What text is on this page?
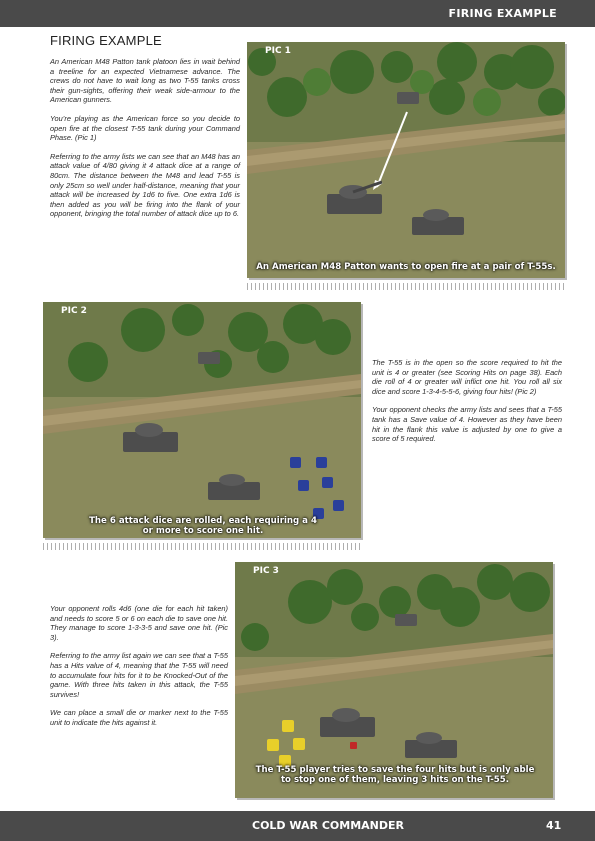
FIRING EXAMPLE
FIRING EXAMPLE

An American M48 Patton tank platoon lies in wait behind a treeline for an expected Vietnamese advance. The crews do not have to wait long as two T-55 tanks cross their gun-sights, offering their weak side-armour to the American gunners.

You’re playing as the American force so you decide to open fire at the closest T-55 tank during your Command Phase. (Pic 1)

Referring to the army lists we can see that an M48 has an attack value of 4/80 giving it 4 attack dice at a range of 80cm. The distance between the M48 and lead T-55 is only 25cm so well under half-distance, meaning that your attack will be increased by 1d6 to five. One extra 1d6 is then added as you will be firing into the flank of your opponent, bringing the total number of attack dice up to 6.

PIC 1
An American M48 Patton wants to open fire at a pair of T-55s.
PIC 2
The 6 attack dice are rolled, each requiring a 4 or more to score one hit.

The T-55 is in the open so the score required to hit the unit is 4 or greater (see Scoring Hits on page 38). Each die roll of 4 or greater will inflict one hit. You roll all six dice and score 1-3-4-5-5-6, giving four hits! (Pic 2)

Your opponent checks the army lists and sees that a T-55 tank has a Save value of 4. However as they have been hit in the flank this value is adjusted by one to give a score of 5 required.

PIC 3
The T-55 player tries to save the four hits but is only able to stop one of them, leaving 3 hits on the T-55.

Your opponent rolls 4d6 (one die for each hit taken) and needs to score 5 or 6 on each die to save one hit. They manage to score 1-3-3-5 and save one hit. (Pic 3).

Referring to the army list again we can see that a T-55 has a Hits value of 4, meaning that the T-55 will need to accumulate four hits for it to be Knocked-Out of the game. With three hits taken in this attack, the T-55 survives!

We can place a small die or marker next to the T-55 unit to indicate the hits against it.

COLD WAR COMMANDER	41
